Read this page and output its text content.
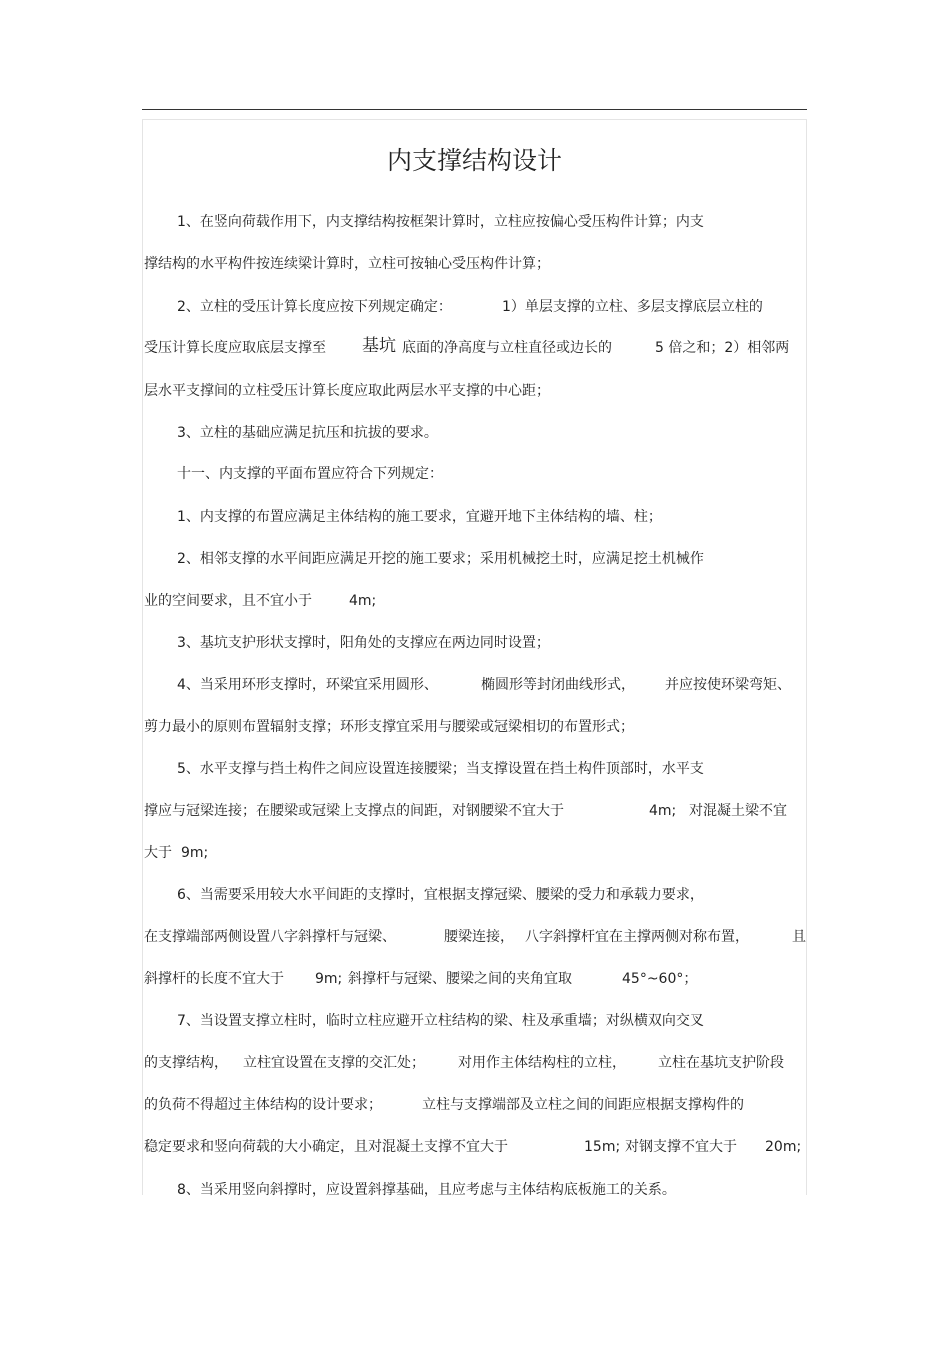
内支撑结构设计
1、在竖向荷载作用下，内支撑结构按框架计算时，立柱应按偏心受压构件计算；内支
撑结构的水平构件按连续梁计算时，立柱可按轴心受压构件计算；
2、立柱的受压计算长度应按下列规定确定：	1）单层支撑的立柱、多层支撑底层立柱的
受压计算长度应取底层支撑至 基坑 底面的净高度与立柱直径或边长的	5 倍之和；2）相邻两
层水平支撑间的立柱受压计算长度应取此两层水平支撑的中心距；
3、立柱的基础应满足抗压和抗拔的要求。
十一、内支撑的平面布置应符合下列规定：
1、内支撑的布置应满足主体结构的施工要求，宜避开地下主体结构的墙、柱；
2、相邻支撑的水平间距应满足开挖的施工要求；采用机械挖土时，应满足挖土机械作
业的空间要求，且不宜小于	4m;
3、基坑支护形状支撑时，阳角处的支撑应在两边同时设置；
4、当采用环形支撑时，环梁宜采用圆形、	椭圆形等封闭曲线形式， 并应按使环梁弯矩、
剪力最小的原则布置辐射支撑；环形支撑宜采用与腰梁或冠梁相切的布置形式；
5、水平支撑与挡土构件之间应设置连接腰梁；当支撑设置在挡土构件顶部时，水平支
撑应与冠梁连接；在腰梁或冠梁上支撑点的间距，对钢腰梁不宜大于	4m; 对混凝土梁不宜
大于 9m;
6、当需要采用较大水平间距的支撑时，宜根据支撑冠梁、腰梁的受力和承载力要求，
在支撑端部两侧设置八字斜撑杆与冠梁、	腰梁连接， 八字斜撑杆宜在主撑两侧对称布置，	且
斜撑杆的长度不宜大于 9m; 斜撑杆与冠梁、腰梁之间的夹角宜取	45°~60°；
7、当设置支撑立柱时，临时立柱应避开立柱结构的梁、柱及承重墙；对纵横双向交叉
的支撑结构， 立柱宜设置在支撑的交汇处； 对用作主体结构柱的立柱， 立柱在基坑支护阶段
的负荷不得超过主体结构的设计要求；	立柱与支撑端部及立柱之间的间距应根据支撑构件的
稳定要求和竖向荷载的大小确定，且对混凝土支撑不宜大于	15m; 对钢支撑不宜大于 20m;
8、当采用竖向斜撑时，应设置斜撑基础，且应考虑与主体结构底板施工的关系。
